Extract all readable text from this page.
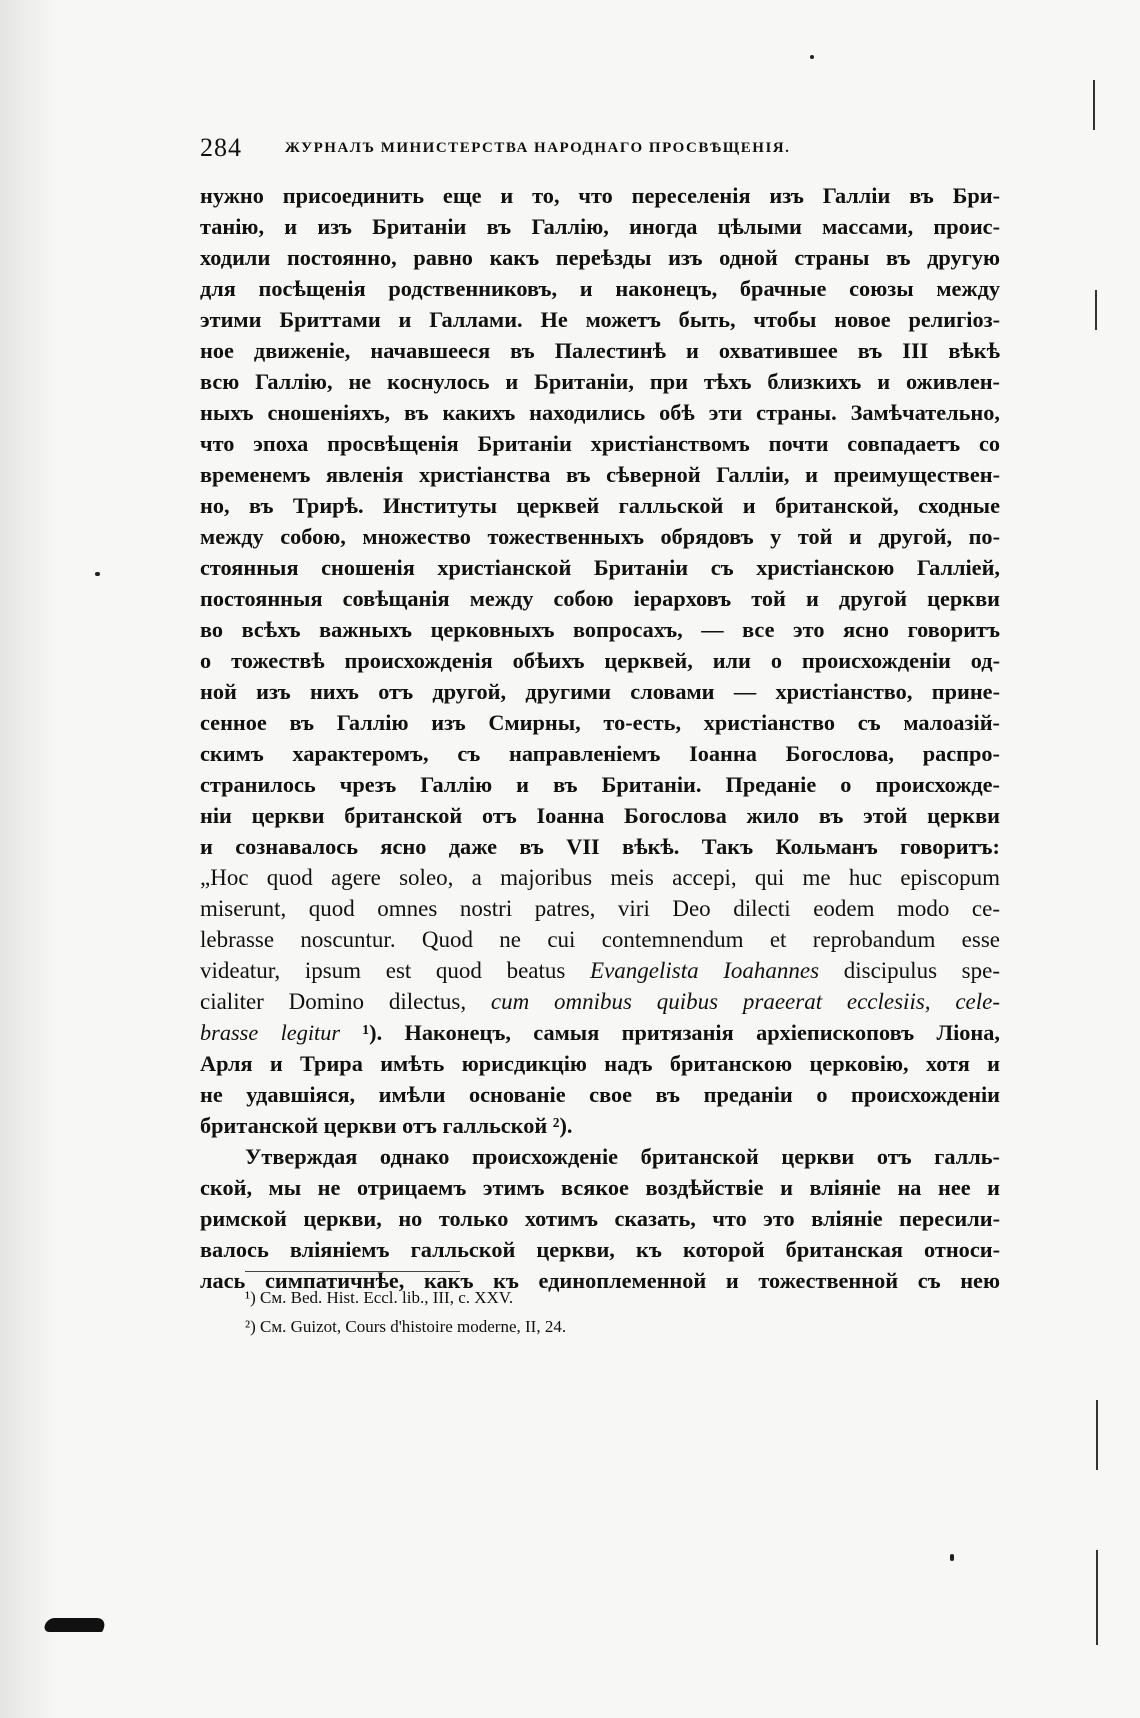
284	ЖУРНАЛЪ МИНИСТЕРСТВА НАРОДНАГО ПРОСВѢЩЕНІЯ.
нужно присоединить еще и то, что переселенія изъ Галліи въ Бри-
танію, и изъ Британіи въ Галлію, иногда цѣлыми массами, проис-
ходили постоянно, равно какъ переѣзды изъ одной страны въ другую
для посѣщенія родственниковъ, и наконецъ, брачные союзы между
этими Бриттами и Галлами. Не можетъ быть, чтобы новое религіоз-
ное движеніе, начавшееся въ Палестинѣ и охватившее въ III вѣкѣ
всю Галлію, не коснулось и Британіи, при тѣхъ близкихъ и оживлен-
ныхъ сношеніяхъ, въ какихъ находились обѣ эти страны. Замѣчательно,
что эпоха просвѣщенія Британіи христіанствомъ почти совпадаетъ со
временемъ явленія христіанства въ сѣверной Галліи, и преимуществен-
но, въ Трирѣ. Институты церквей галльской и британской, сходные
между собою, множество тожественныхъ обрядовъ у той и другой, по-
стоянныя сношенія христіанской Британіи съ христіанскою Галліей,
постоянныя совѣщанія между собою іерарховъ той и другой церкви
во всѣхъ важныхъ церковныхъ вопросахъ, — все это ясно говоритъ
о тожествѣ происхожденія обѣихъ церквей, или о происхожденіи од-
ной изъ нихъ отъ другой, другими словами — христіанство, прине-
сенное въ Галлію изъ Смирны, то-есть, христіанство съ малоазій-
скимъ характеромъ, съ направленіемъ Іоанна Богослова, распро-
странилось чрезъ Галлію и въ Британіи. Преданіе о происхожде-
ніи церкви британской отъ Іоанна Богослова жило въ этой церкви
и сознавалось ясно даже въ VII вѣкѣ. Такъ Кольманъ говоритъ:
„Hoc quod agere soleo, a majoribus meis accepi, qui me huc episcopum
miserunt, quod omnes nostri patres, viri Deo dilecti eodem modo ce-
lebrasse noscuntur. Quod ne cui contemnendum et reprobandum esse
videatur, ipsum est quod beatus Evangelista Ioahannes discipulus spe-
cialiter Domino dilectus, cum omnibus quibus praeerat ecclesiis, cele-
brasse legitur ¹). Наконецъ, самыя притязанія архіепископовъ Ліона,
Арля и Трира имѣть юрисдикцію надъ британскою церковію, хотя и
не удавшіяся, имѣли основаніе свое въ преданіи о происхожденіи
британской церкви отъ галльской ²).
Утверждая однако происхожденіе британской церкви отъ галль-
ской, мы не отрицаемъ этимъ всякое воздѣйствіе и вліяніе на нее и
римской церкви, но только хотимъ сказать, что это вліяніе пересили-
валось вліяніемъ галльской церкви, къ которой британская относи-
лась симпатичнѣе, какъ къ единоплеменной и тожественной съ нею
¹) См. Bed. Hist. Eccl. lib., III, c. XXV.
²) См. Guizot, Cours d'histoire moderne, II, 24.
